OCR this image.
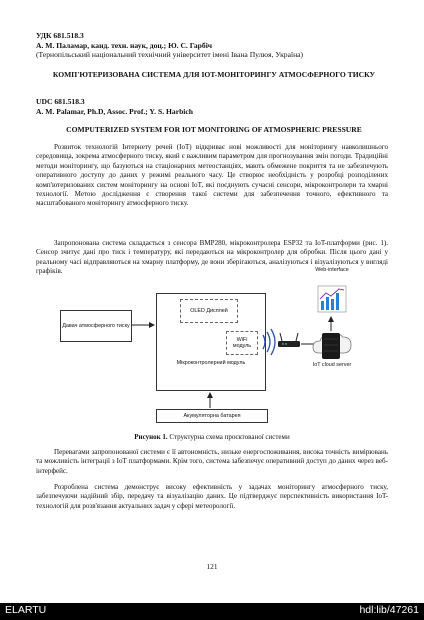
УДК 681.518.3
А. М. Паламар, канд. техн. наук, доц.; Ю. С. Гарбіч
(Тернопільський національний технічний університет імені Івана Пулюя, Україна)
КОМП'ЮТЕРИЗОВАНА СИСТЕМА ДЛЯ IOT-МОНІТОРИНГУ АТМОСФЕРНОГО ТИСКУ
UDC 681.518.3
A. M. Palamar, Ph.D, Assoc. Prof.; Y. S. Harbich
COMPUTERIZED SYSTEM FOR IOT MONITORING OF ATMOSPHERIC PRESSURE
Розвиток технологій Інтернету речей (IoT) відкриває нові можливості для моніторингу навколишнього середовища, зокрема атмосферного тиску, який є важливим параметром для прогнозування змін погоди. Традиційні методи моніторингу, що базуються на стаціонарних метеостанціях, мають обмежене покриття та не забезпечують оперативного доступу до даних у режимі реального часу. Це створює необхідність у розробці розподілених комп'ютеризованих систем моніторингу на основі IoT, які поєднують сучасні сенсори, мікроконтролери та хмарні технології. Метою дослідження є створення такої системи для забезпечення точного, ефективного та масштабованого моніторингу атмосферного тиску.
Запропонована система складається з сенсора BMP280, мікроконтролера ESP32 та IoT-платформи (рис. 1). Сенсор зчитує дані про тиск і температуру, які передаються на мікроконтролер для обробки. Після цього дані у реальному часі відправляються на хмарну платформу, де вони зберігаються, аналізуються і візуалізуються у вигляді графіків.
Давач атмосферного тиску
Мікроконтролерний модуль
OLED Дисплей
WiFi модуль
Акумуляторна батарея
Web-interface
IoT cloud server
Рисунок 1. Структурна схема проєктованої системи
Перевагами запропонованої системи є її автономність, низьке енергоспоживання, висока точність вимірювань та можливість інтеграції з IoT платформами. Крім того, система забезпечує оперативний доступ до даних через веб-інтерфейс.
Розроблена система демонструє високу ефективність у задачах моніторингу атмосферного тиску, забезпечуючи надійний збір, передачу та візуалізацію даних. Це підтверджує перспективність використання IoT-технологій для розв'язання актуальних задач у сфері метеорології.
121
ELARTU	hdl:lib/47261
